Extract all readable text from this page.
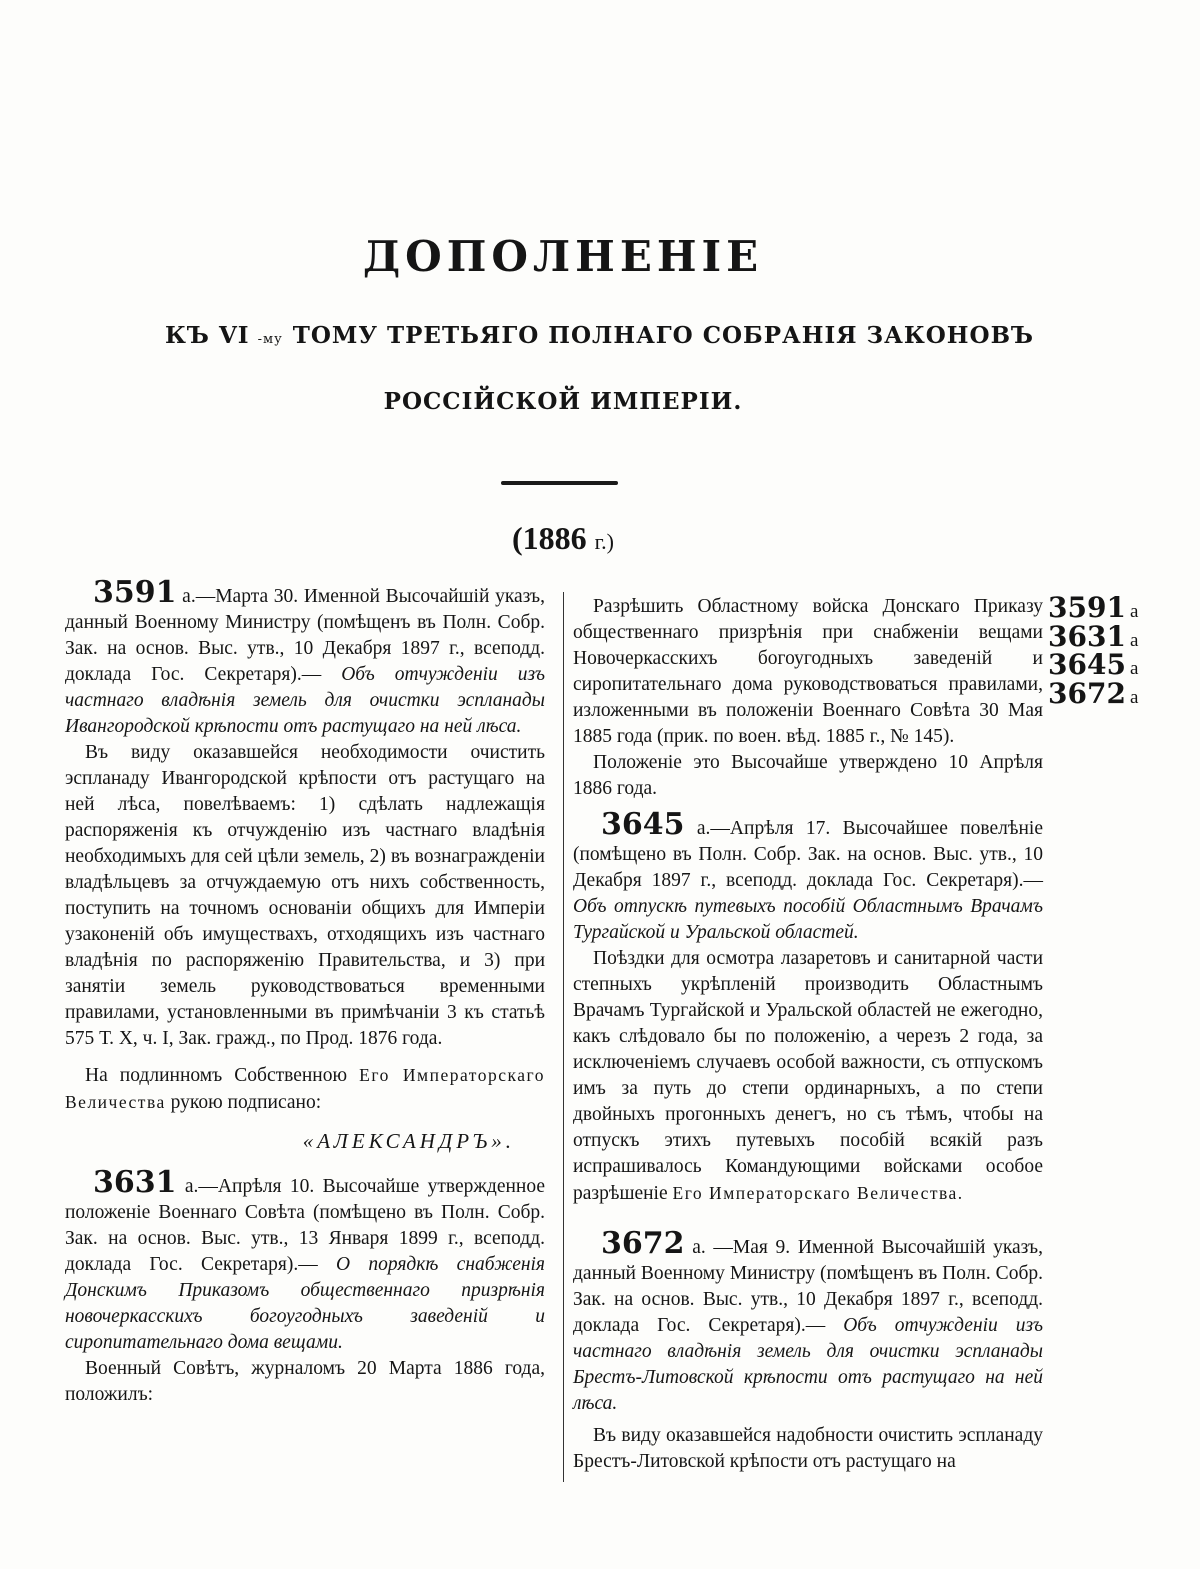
ДОПОЛНЕНІЕ
КЪ VI -му ТОМУ ТРЕТЬЯГО ПОЛНАГО СОБРАНІЯ ЗАКОНОВЪ
РОССІЙСКОЙ ИМПЕРІИ.
(1886 г.)

3591 а.—Марта 30. Именной Высочайшій указъ, данный Военному Министру (помѣщенъ въ Полн. Собр. Зак. на основ. Выс. утв., 10 Декабря 1897 г., всеподд. доклада Гос. Секретаря).— Объ отчужденіи изъ частнаго владѣнія земель для очистки эспланады Ивангородской крѣпости отъ растущаго на ней лѣса.

Въ виду оказавшейся необходимости очистить эспланаду Ивангородской крѣпости отъ растущаго на ней лѣса, повелѣваемъ: 1) сдѣлать надлежащія распоряженія къ отчужденію изъ частнаго владѣнія необходимыхъ для сей цѣли земель, 2) въ вознагражденіи владѣльцевъ за отчуждаемую отъ нихъ собственность, поступить на точномъ основаніи общихъ для Имперіи узаконеній объ имуществахъ, отходящихъ изъ частнаго владѣнія по распоряженію Правительства, и 3) при занятіи земель руководствоваться временными правилами, установленными въ примѣчаніи 3 къ статьѣ 575 Т. X, ч. I, Зак. гражд., по Прод. 1876 года.

На подлинномъ Собственною Его Императорскаго Величества рукою подписано:

«АЛЕКСАНДРЪ».

3631 а.—Апрѣля 10. Высочайше утвержденное положеніе Военнаго Совѣта (помѣщено въ Полн. Собр. Зак. на основ. Выс. утв., 13 Января 1899 г., всеподд. доклада Гос. Секретаря).— О порядкѣ снабженія Донскимъ Приказомъ общественнаго призрѣнія новочеркасскихъ богоугодныхъ заведеній и сиропитательнаго дома вещами.

Военный Совѣтъ, журналомъ 20 Марта 1886 года, положилъ:

Разрѣшить Областному войска Донскаго Приказу общественнаго призрѣнія при снабженіи вещами Новочеркасскихъ богоугодныхъ заведеній и сиропитательнаго дома руководствоваться правилами, изложенными въ положеніи Военнаго Совѣта 30 Мая 1885 года (прик. по воен. вѣд. 1885 г., № 145).

Положеніе это Высочайше утверждено 10 Апрѣля 1886 года.

3645 а.—Апрѣля 17. Высочайшее повелѣніе (помѣщено въ Полн. Собр. Зак. на основ. Выс. утв., 10 Декабря 1897 г., всеподд. доклада Гос. Секретаря).— Объ отпускѣ путевыхъ пособій Областнымъ Врачамъ Тургайской и Уральской областей.

Поѣздки для осмотра лазаретовъ и санитарной части степныхъ укрѣпленій производить Областнымъ Врачамъ Тургайской и Уральской областей не ежегодно, какъ слѣдовало бы по положенію, а черезъ 2 года, за исключеніемъ случаевъ особой важности, съ отпускомъ имъ за путь до степи ординарныхъ, а по степи двойныхъ прогонныхъ денегъ, но съ тѣмъ, чтобы на отпускъ этихъ путевыхъ пособій всякій разъ испрашивалось Командующими войсками особое разрѣшеніе Его Императорскаго Величества.

3672 а. —Мая 9. Именной Высочайшій указъ, данный Военному Министру (помѣщенъ въ Полн. Собр. Зак. на основ. Выс. утв., 10 Декабря 1897 г., всеподд. доклада Гос. Секретаря).— Объ отчужденіи изъ частнаго владѣнія земель для очистки эспланады Брестъ-Литовской крѣпости отъ растущаго на ней лѣса.

Въ виду оказавшейся надобности очистить эспланаду Брестъ-Литовской крѣпости отъ растущаго на

3591 а
3631 а
3645 а
3672 а
